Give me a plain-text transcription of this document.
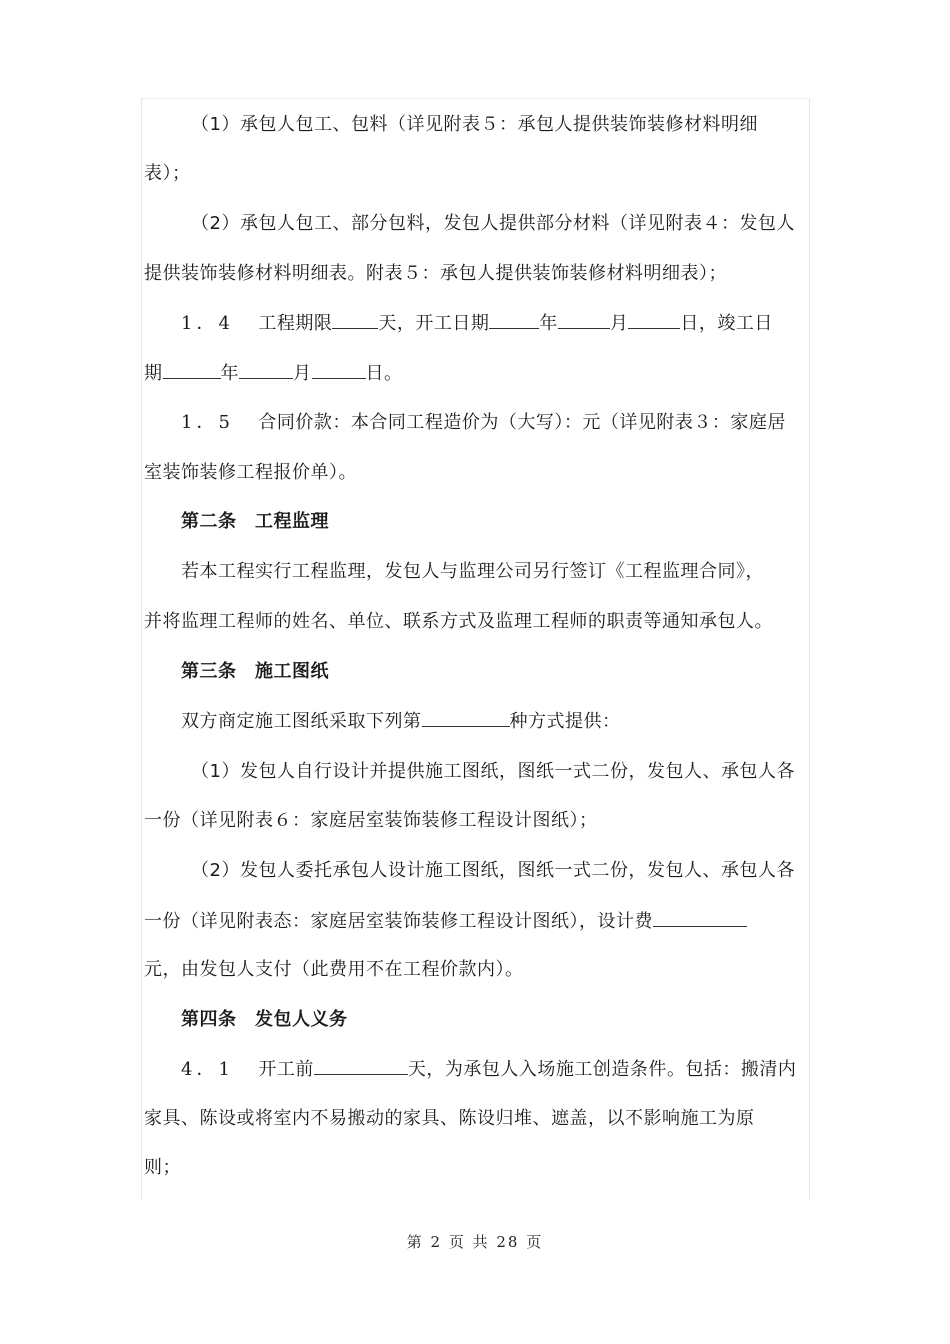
（1）承包人包工、包料（详见附表５：承包人提供装饰装修材料明细
表）；
（2）承包人包工、部分包料，发包人提供部分材料（详见附表４：发包人
提供装饰装修材料明细表。附表５：承包人提供装饰装修材料明细表）；
1．4 工程期限	天，开工日期	年	月	日，竣工日
期	年	月	日。
1．5 合同价款：本合同工程造价为（大写）：元（详见附表３：家庭居
室装饰装修工程报价单）。
第二条　工程监理
若本工程实行工程监理，发包人与监理公司另行签订《工程监理合同》，
并将监理工程师的姓名、单位、联系方式及监理工程师的职责等通知承包人。
第三条　施工图纸
双方商定施工图纸采取下列第	种方式提供：
（1）发包人自行设计并提供施工图纸，图纸一式二份，发包人、承包人各
一份（详见附表６：家庭居室装饰装修工程设计图纸）；
（2）发包人委托承包人设计施工图纸，图纸一式二份，发包人、承包人各
一份（详见附表态：家庭居室装饰装修工程设计图纸），设计费
元，由发包人支付（此费用不在工程价款内）。
第四条　发包人义务
4．1 开工前	天，为承包人入场施工创造条件。包括：搬清内
家具、陈设或将室内不易搬动的家具、陈设归堆、遮盖，以不影响施工为原
则；
第 2 页 共 28 页
